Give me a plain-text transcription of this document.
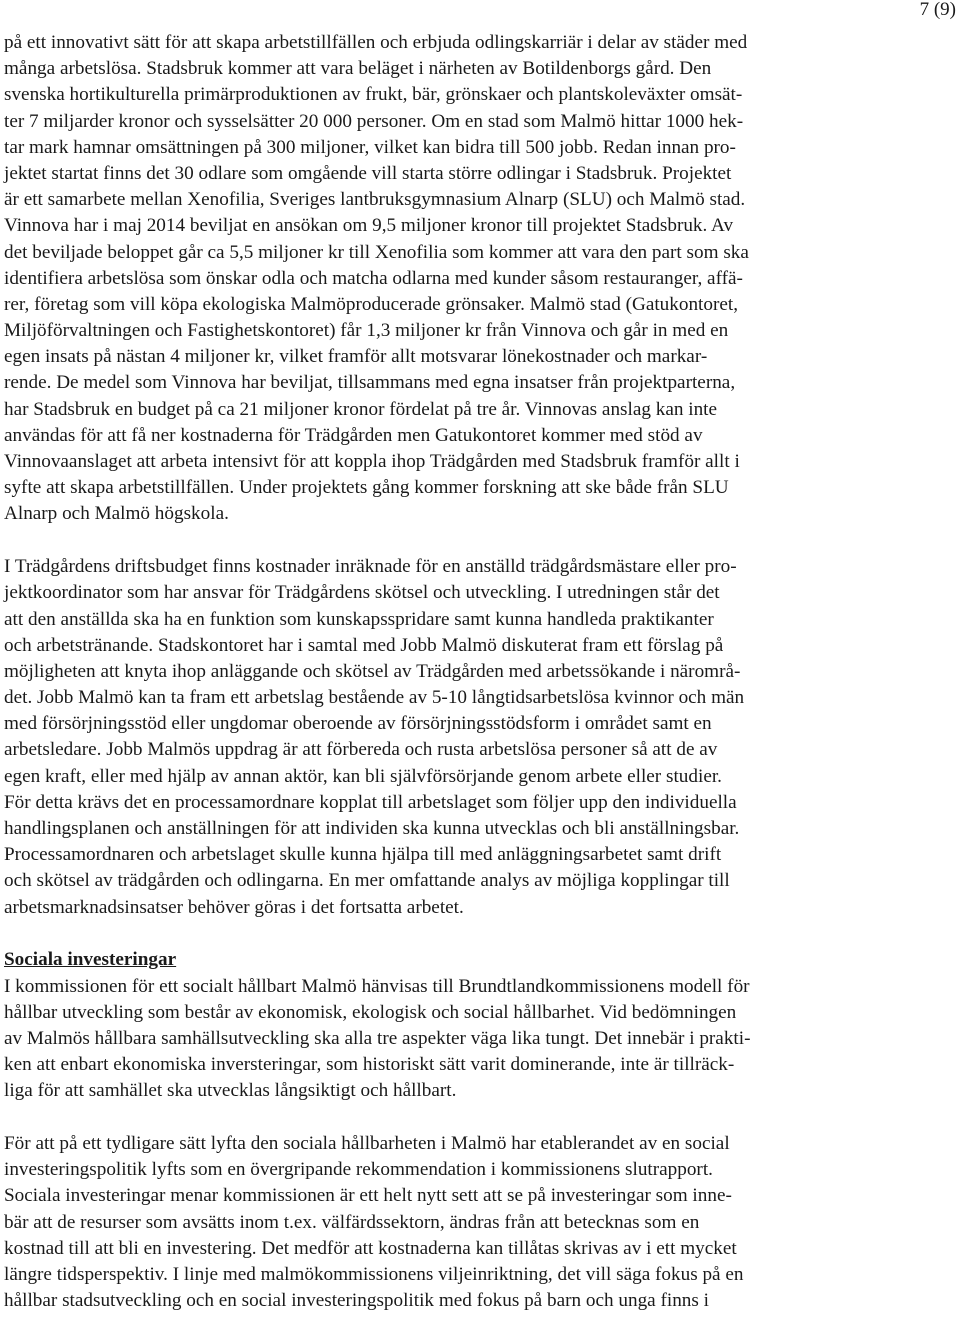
7 (9)
på ett innovativt sätt för att skapa arbetstillfällen och erbjuda odlingskarriär i delar av städer med
många arbetslösa. Stadsbruk kommer att vara beläget i närheten av Botildenborgs gård. Den
svenska hortikulturella primärproduktionen av frukt, bär, grönskaer och plantskoleväxter omsät-
ter 7 miljarder kronor och sysselsätter 20 000 personer. Om en stad som Malmö hittar 1000 hek-
tar mark hamnar omsättningen på 300 miljoner, vilket kan bidra till 500 jobb. Redan innan pro-
jektet startat finns det 30 odlare som omgående vill starta större odlingar i Stadsbruk. Projektet
är ett samarbete mellan Xenofilia, Sveriges lantbruksgymnasium Alnarp (SLU) och Malmö stad.
Vinnova har i maj 2014 beviljat en ansökan om 9,5 miljoner kronor till projektet Stadsbruk. Av
det beviljade beloppet går ca 5,5 miljoner kr till Xenofilia som kommer att vara den part som ska
identifiera arbetslösa som önskar odla och matcha odlarna med kunder såsom restauranger, affä-
rer, företag som vill köpa ekologiska Malmöproducerade grönsaker. Malmö stad (Gatukontoret,
Miljöförvaltningen och Fastighetskontoret) får 1,3 miljoner kr från Vinnova och går in med en
egen insats på nästan 4 miljoner kr, vilket framför allt motsvarar lönekostnader och markar-
rende. De medel som Vinnova har beviljat, tillsammans med egna insatser från projektparterna,
har Stadsbruk en budget på ca 21 miljoner kronor fördelat på tre år. Vinnovas anslag kan inte
användas för att få ner kostnaderna för Trädgården men Gatukontoret kommer med stöd av
Vinnovaanslaget att arbeta intensivt för att koppla ihop Trädgården med Stadsbruk framför allt i
syfte att skapa arbetstillfällen. Under projektets gång kommer forskning att ske både från SLU
Alnarp och Malmö högskola.
I Trädgårdens driftsbudget finns kostnader inräknade för en anställd trädgårdsmästare eller pro-
jektkoordinator som har ansvar för Trädgårdens skötsel och utveckling. I utredningen står det
att den anställda ska ha en funktion som kunskapsspridare samt kunna handleda praktikanter
och arbetstränande. Stadskontoret har i samtal med Jobb Malmö diskuterat fram ett förslag på
möjligheten att knyta ihop anläggande och skötsel av Trädgården med arbetssökande i närområ-
det. Jobb Malmö kan ta fram ett arbetslag bestående av 5-10 långtidsarbetslösa kvinnor och män
med försörjningsstöd eller ungdomar oberoende av försörjningsstödsform i området samt en
arbetsledare. Jobb Malmös uppdrag är att förbereda och rusta arbetslösa personer så att de av
egen kraft, eller med hjälp av annan aktör, kan bli självförsörjande genom arbete eller studier.
För detta krävs det en processamordnare kopplat till arbetslaget som följer upp den individuella
handlingsplanen och anställningen för att individen ska kunna utvecklas och bli anställningsbar.
Processamordnaren och arbetslaget skulle kunna hjälpa till med anläggningsarbetet samt drift
och skötsel av trädgården och odlingarna. En mer omfattande analys av möjliga kopplingar till
arbetsmarknadsinsatser behöver göras i det fortsatta arbetet.
Sociala investeringar
I kommissionen för ett socialt hållbart Malmö hänvisas till Brundtlandkommissionens modell för
hållbar utveckling som består av ekonomisk, ekologisk och social hållbarhet. Vid bedömningen
av Malmös hållbara samhällsutveckling ska alla tre aspekter väga lika tungt. Det innebär i prakti-
ken att enbart ekonomiska inversteringar, som historiskt sätt varit dominerande, inte är tillräck-
liga för att samhället ska utvecklas långsiktigt och hållbart.
För att på ett tydligare sätt lyfta den sociala hållbarheten i Malmö har etablerandet av en social
investeringspolitik lyfts som en övergripande rekommendation i kommissionens slutrapport.
Sociala investeringar menar kommissionen är ett helt nytt sett att se på investeringar som inne-
bär att de resurser som avsätts inom t.ex. välfärdssektorn, ändras från att betecknas som en
kostnad till att bli en investering. Det medför att kostnaderna kan tillåtas skrivas av i ett mycket
längre tidsperspektiv. I linje med malmökommissionens viljeinriktning, det vill säga fokus på en
hållbar stadsutveckling och en social investeringspolitik med fokus på barn och unga finns i
